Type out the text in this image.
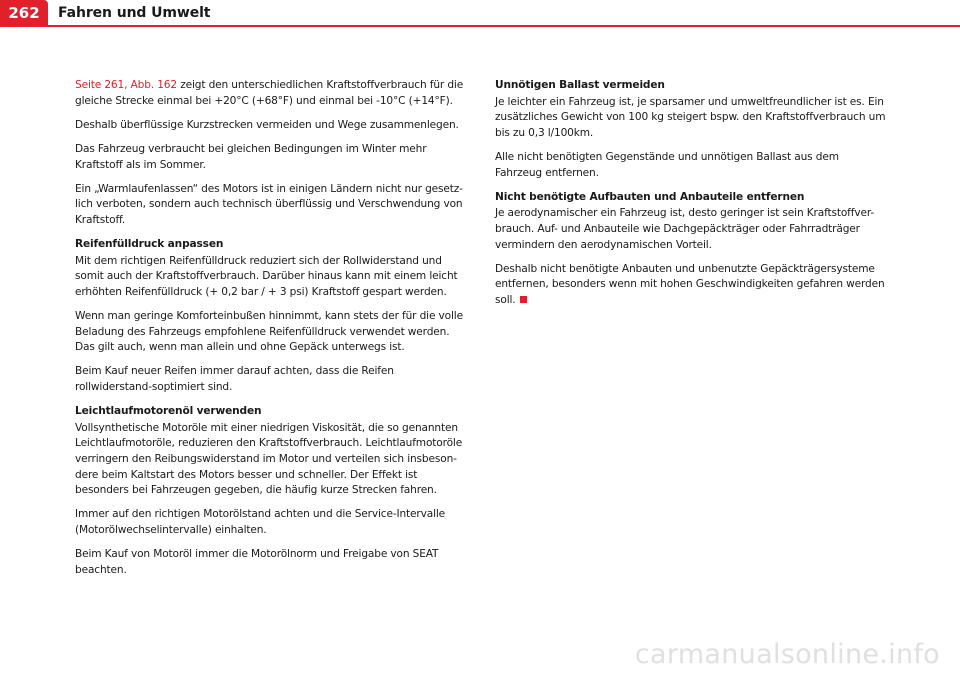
262	Fahren und Umwelt

Seite 261, Abb. 162 zeigt den unterschiedlichen Kraftstoffverbrauch für die gleiche Strecke einmal bei +20°C (+68°F) und einmal bei -10°C (+14°F).

Deshalb überflüssige Kurzstrecken vermeiden und Wege zusammenlegen.

Das Fahrzeug verbraucht bei gleichen Bedingungen im Winter mehr Kraftstoff als im Sommer.

Ein „Warmlaufenlassen“ des Motors ist in einigen Ländern nicht nur gesetz-lich verboten, sondern auch technisch überflüssig und Verschwendung von Kraftstoff.

Reifenfülldruck anpassen

Mit dem richtigen Reifenfülldruck reduziert sich der Rollwiderstand und somit auch der Kraftstoffverbrauch. Darüber hinaus kann mit einem leicht erhöhten Reifenfülldruck (+ 0,2 bar / + 3 psi) Kraftstoff gespart werden.

Wenn man geringe Komforteinbußen hinnimmt, kann stets der für die volle Beladung des Fahrzeugs empfohlene Reifenfülldruck verwendet werden. Das gilt auch, wenn man allein und ohne Gepäck unterwegs ist.

Beim Kauf neuer Reifen immer darauf achten, dass die Reifen rollwiderstand-soptimiert sind.

Leichtlaufmotorenöl verwenden

Vollsynthetische Motoröle mit einer niedrigen Viskosität, die so genannten Leichtlaufmotoröle, reduzieren den Kraftstoffverbrauch. Leichtlaufmotoröle verringern den Reibungswiderstand im Motor und verteilen sich insbeson-dere beim Kaltstart des Motors besser und schneller. Der Effekt ist besonders bei Fahrzeugen gegeben, die häufig kurze Strecken fahren.

Immer auf den richtigen Motorölstand achten und die Service-Intervalle (Motorölwechselintervalle) einhalten.

Beim Kauf von Motoröl immer die Motorölnorm und Freigabe von SEAT beachten.

Unnötigen Ballast vermeiden

Je leichter ein Fahrzeug ist, je sparsamer und umweltfreundlicher ist es. Ein zusätzliches Gewicht von 100 kg steigert bspw. den Kraftstoffverbrauch um bis zu 0,3 l/100km.

Alle nicht benötigten Gegenstände und unnötigen Ballast aus dem Fahrzeug entfernen.

Nicht benötigte Aufbauten und Anbauteile entfernen

Je aerodynamischer ein Fahrzeug ist, desto geringer ist sein Kraftstoffver-brauch. Auf- und Anbauteile wie Dachgepäckträger oder Fahrradträger vermindern den aerodynamischen Vorteil.

Deshalb nicht benötigte Anbauten und unbenutzte Gepäckträgersysteme entfernen, besonders wenn mit hohen Geschwindigkeiten gefahren werden soll.

carmanualsonline.info
